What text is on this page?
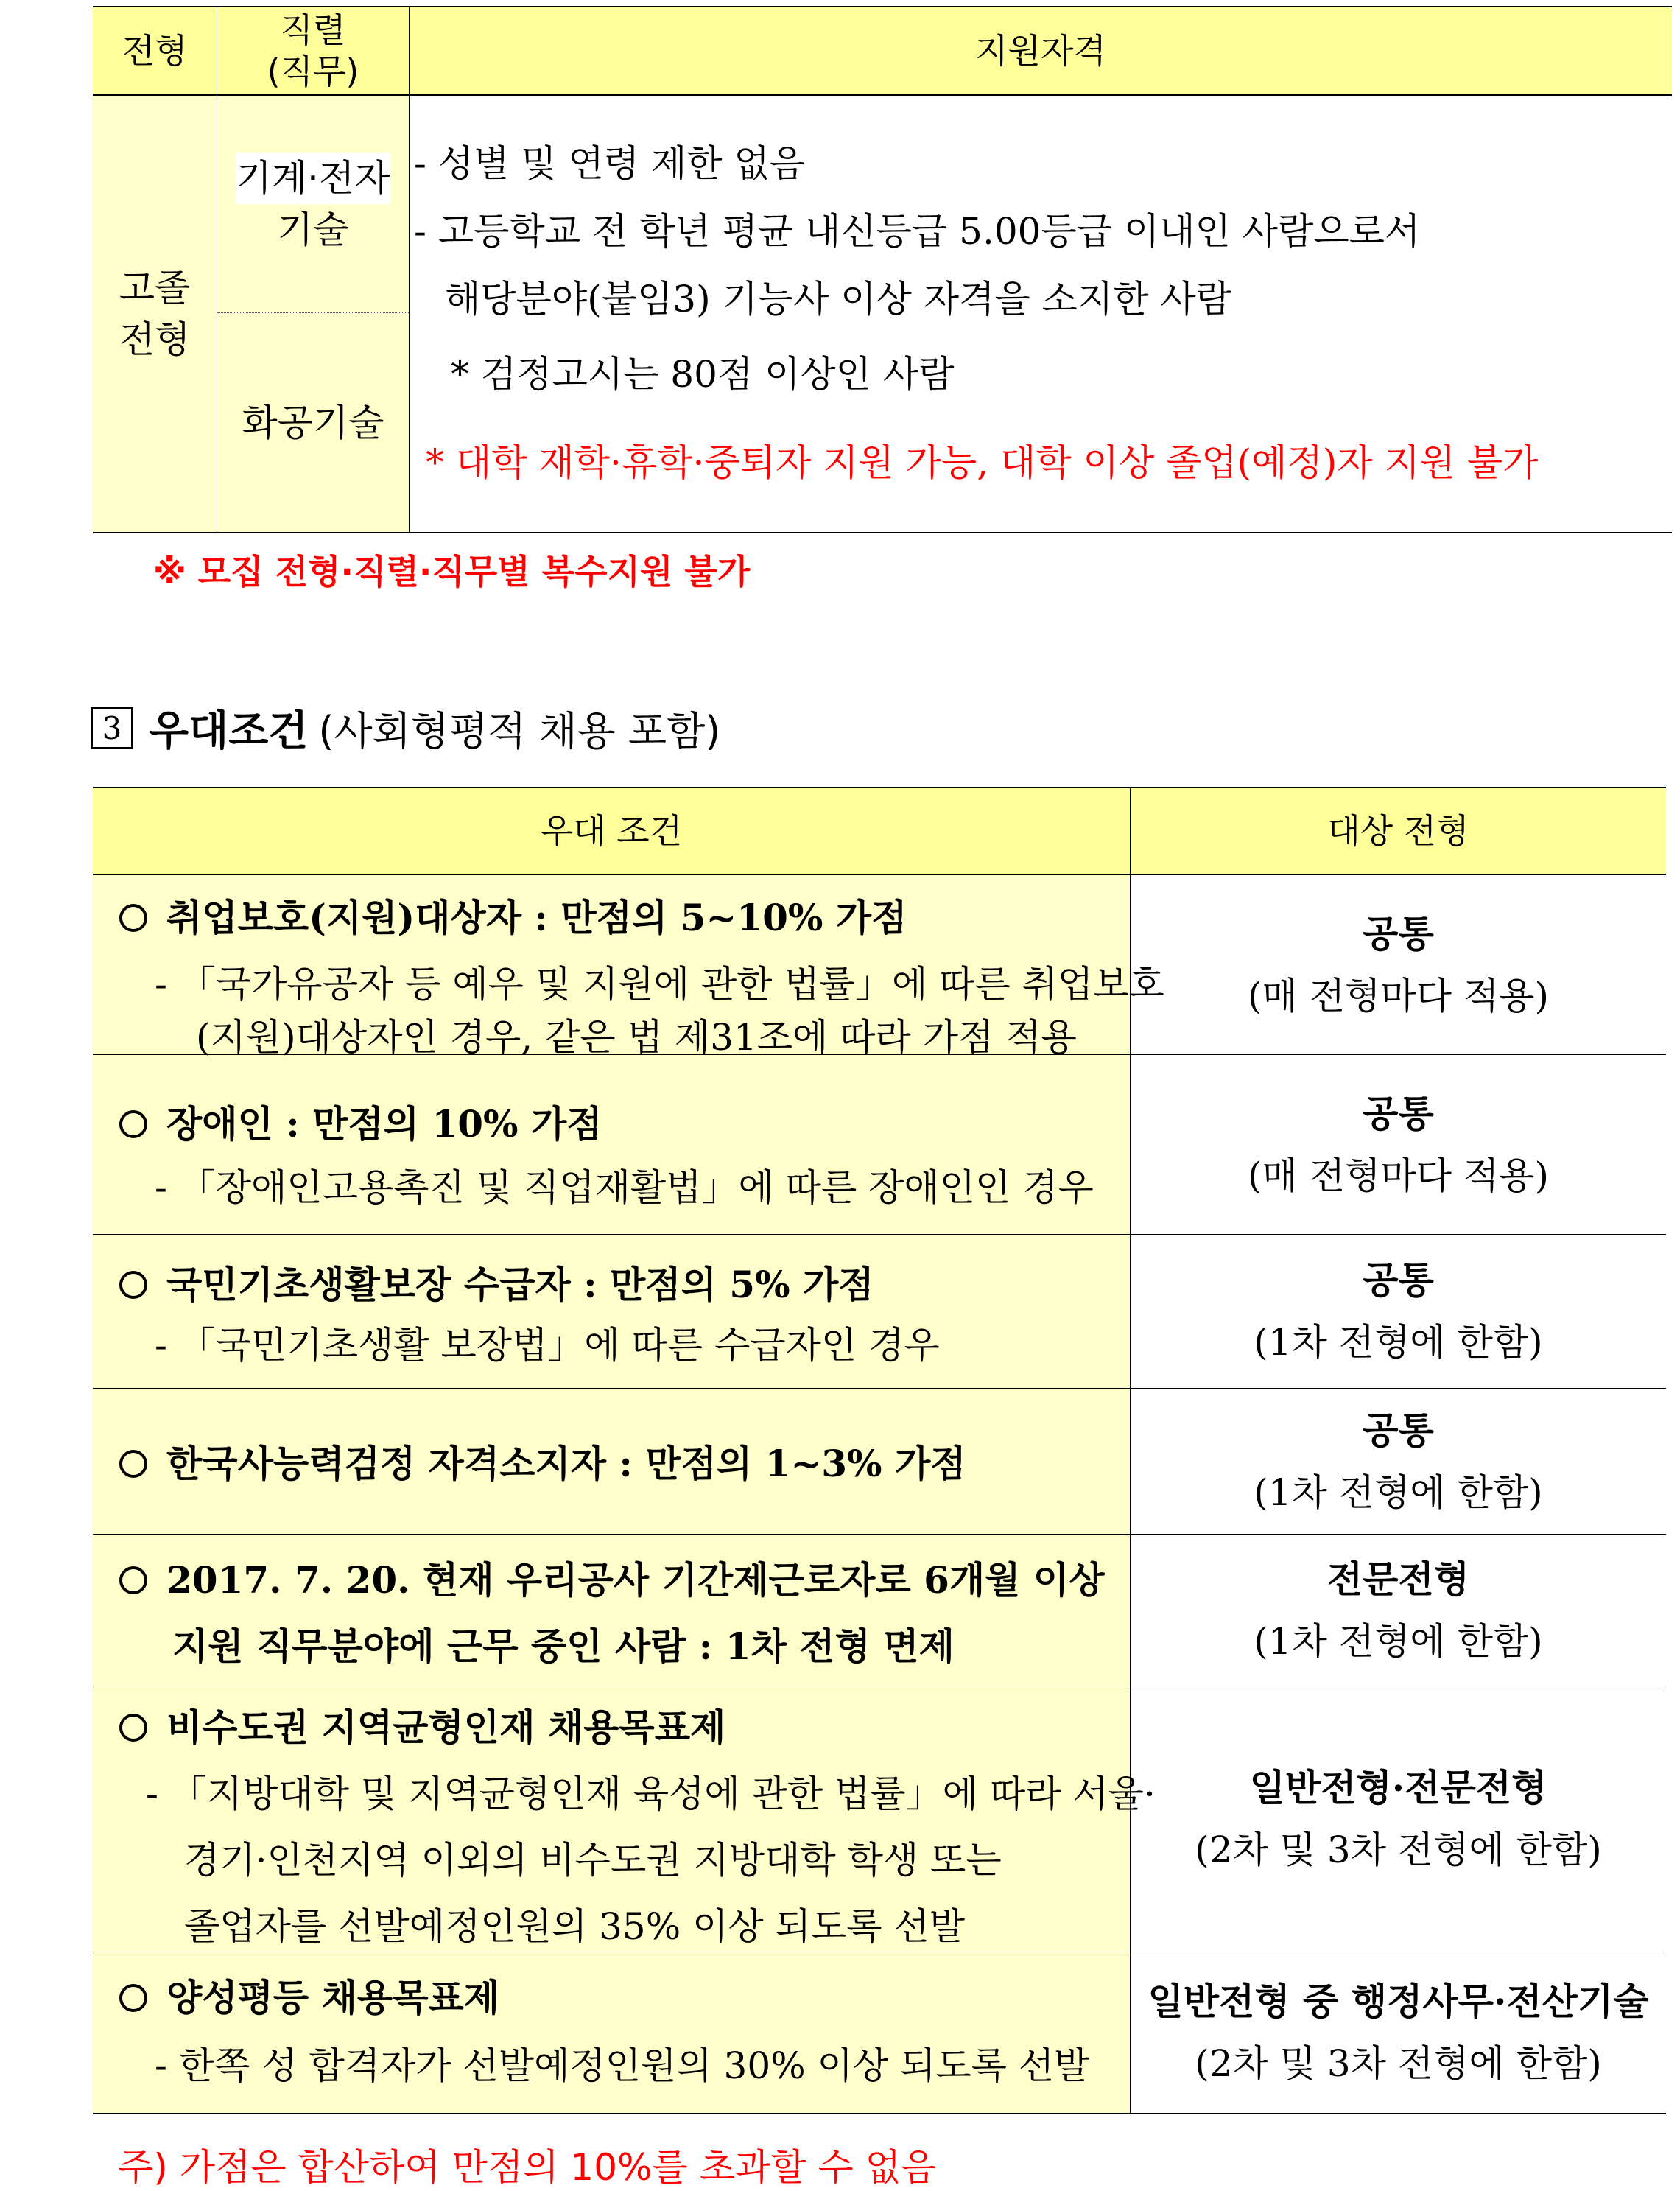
전형
직렬
(직무)
지원자격
고졸
전형
기계·전자
기술
화공기술
- 성별 및 연령 제한 없음
- 고등학교 전 학년 평균 내신등급 5.00등급 이내인 사람으로서
해당분야(붙임3) 기능사 이상 자격을 소지한 사람
* 검정고시는 80점 이상인 사람
* 대학 재학·휴학·중퇴자 지원 가능, 대학 이상 졸업(예정)자 지원 불가
※ 모집 전형·직렬·직무별 복수지원 불가
3 우대조건 (사회형평적 채용 포함)
우대 조건	대상 전형
취업보호(지원)대상자 : 만점의 5~10% 가점
- 「국가유공자 등 예우 및 지원에 관한 법률」에 따른 취업보호
(지원)대상자인 경우, 같은 법 제31조에 따라 가점 적용
공통
(매 전형마다 적용)
장애인 : 만점의 10% 가점
- 「장애인고용촉진 및 직업재활법」에 따른 장애인인 경우
공통
(매 전형마다 적용)
국민기초생활보장 수급자 : 만점의 5% 가점
- 「국민기초생활 보장법」에 따른 수급자인 경우
공통
(1차 전형에 한함)
한국사능력검정 자격소지자 : 만점의 1~3% 가점
공통
(1차 전형에 한함)
2017. 7. 20. 현재 우리공사 기간제근로자로 6개월 이상
지원 직무분야에 근무 중인 사람 : 1차 전형 면제
전문전형
(1차 전형에 한함)
비수도권 지역균형인재 채용목표제
- 「지방대학 및 지역균형인재 육성에 관한 법률」에 따라 서울·
경기·인천지역 이외의 비수도권 지방대학 학생 또는
졸업자를 선발예정인원의 35% 이상 되도록 선발
일반전형·전문전형
(2차 및 3차 전형에 한함)
양성평등 채용목표제
- 한쪽 성 합격자가 선발예정인원의 30% 이상 되도록 선발
일반전형 중 행정사무·전산기술
(2차 및 3차 전형에 한함)
주) 가점은 합산하여 만점의 10%를 초과할 수 없음
